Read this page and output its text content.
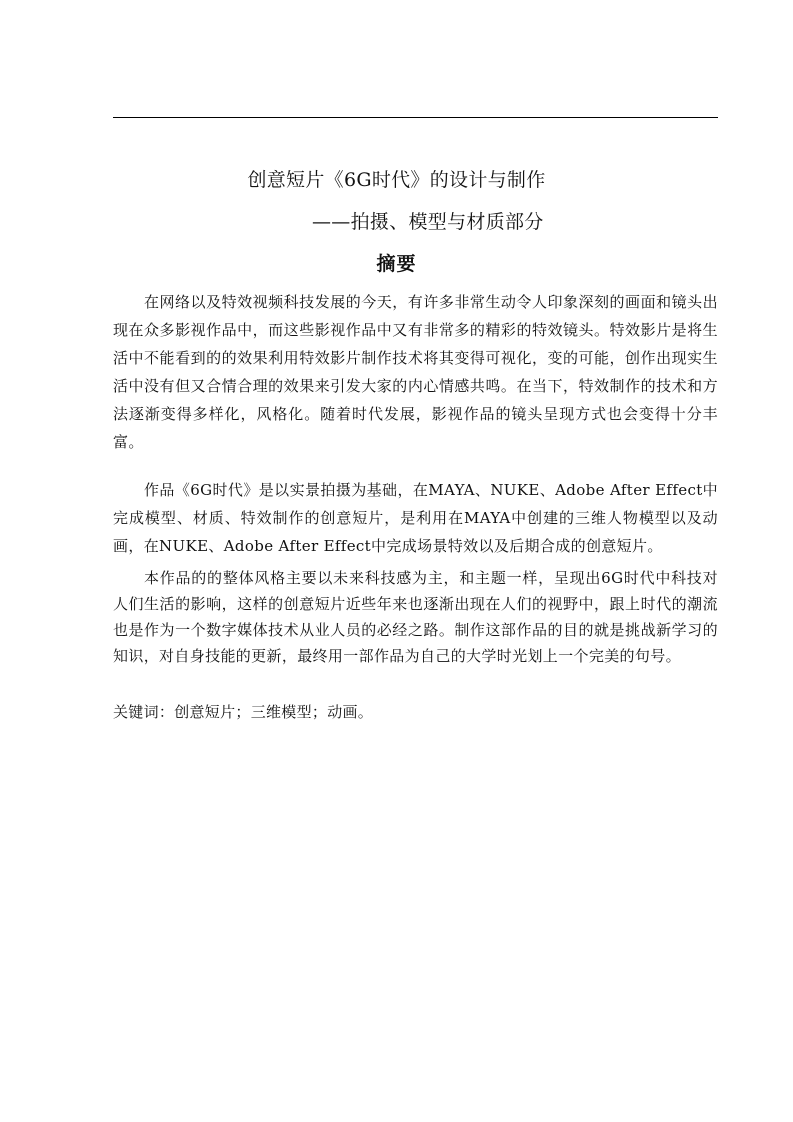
创意短片《6G时代》的设计与制作
——拍摄、模型与材质部分
摘要

在网络以及特效视频科技发展的今天，有许多非常生动令人印象深刻的画面和镜头出现在众多影视作品中，而这些影视作品中又有非常多的精彩的特效镜头。特效影片是将生活中不能看到的的效果利用特效影片制作技术将其变得可视化，变的可能，创作出现实生活中没有但又合情合理的效果来引发大家的内心情感共鸣。在当下，特效制作的技术和方法逐渐变得多样化，风格化。随着时代发展，影视作品的镜头呈现方式也会变得十分丰富。

作品《6G时代》是以实景拍摄为基础，在MAYA、NUKE、Adobe After Effect中完成模型、材质、特效制作的创意短片，是利用在MAYA中创建的三维人物模型以及动画，在NUKE、Adobe After Effect中完成场景特效以及后期合成的创意短片。

本作品的的整体风格主要以未来科技感为主，和主题一样，呈现出6G时代中科技对人们生活的影响，这样的创意短片近些年来也逐渐出现在人们的视野中，跟上时代的潮流也是作为一个数字媒体技术从业人员的必经之路。制作这部作品的目的就是挑战新学习的知识，对自身技能的更新，最终用一部作品为自己的大学时光划上一个完美的句号。

关键词：创意短片；三维模型；动画。
